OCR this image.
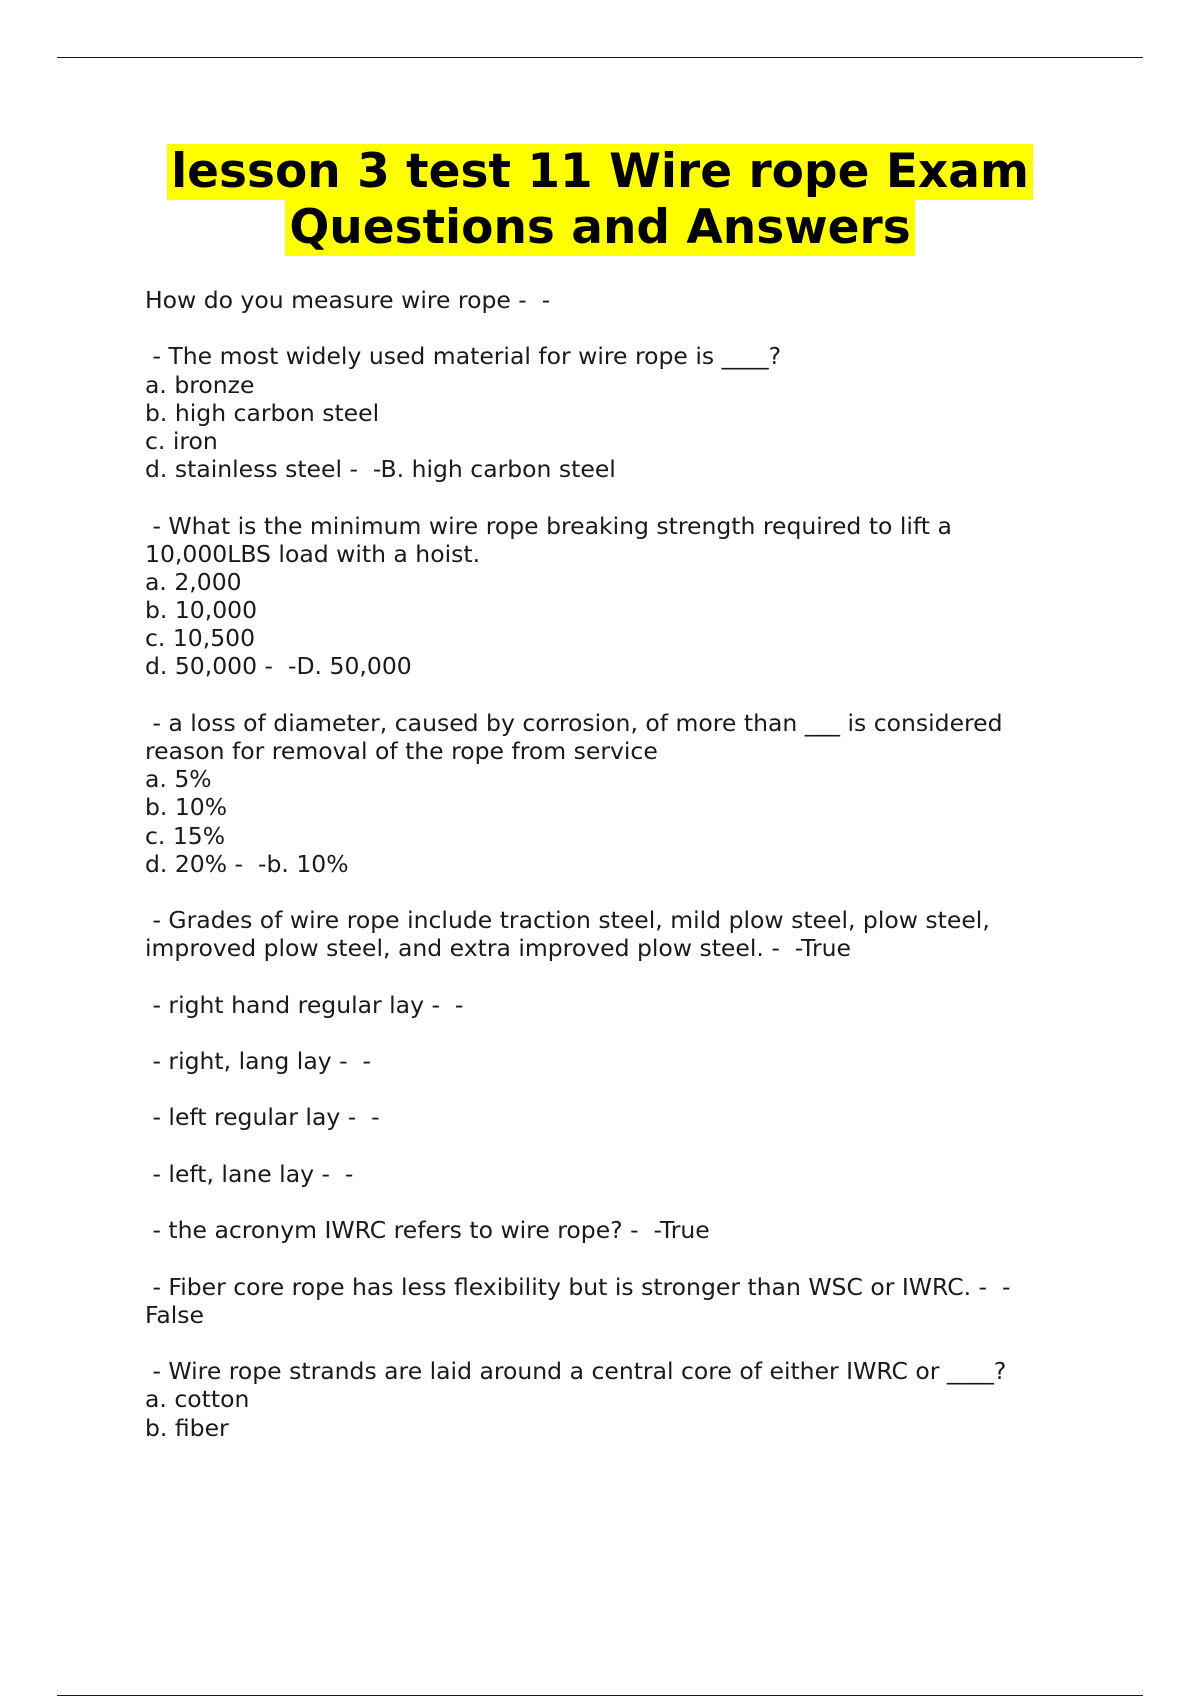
lesson 3 test 11 Wire rope Exam
Questions and Answers
How do you measure wire rope -  -
- The most widely used material for wire rope is ____?
a. bronze
b. high carbon steel
c. iron
d. stainless steel -  -B. high carbon steel
- What is the minimum wire rope breaking strength required to lift a
10,000LBS load with a hoist.
a. 2,000
b. 10,000
c. 10,500
d. 50,000 -  -D. 50,000
- a loss of diameter, caused by corrosion, of more than ___ is considered
reason for removal of the rope from service
a. 5%
b. 10%
c. 15%
d. 20% -  -b. 10%
- Grades of wire rope include traction steel, mild plow steel, plow steel,
improved plow steel, and extra improved plow steel. -  -True
- right hand regular lay -  -
- right, lang lay -  -
- left regular lay -  -
- left, lane lay -  -
- the acronym IWRC refers to wire rope? -  -True
- Fiber core rope has less flexibility but is stronger than WSC or IWRC. -  -
False
- Wire rope strands are laid around a central core of either IWRC or ____?
a. cotton
b. fiber
